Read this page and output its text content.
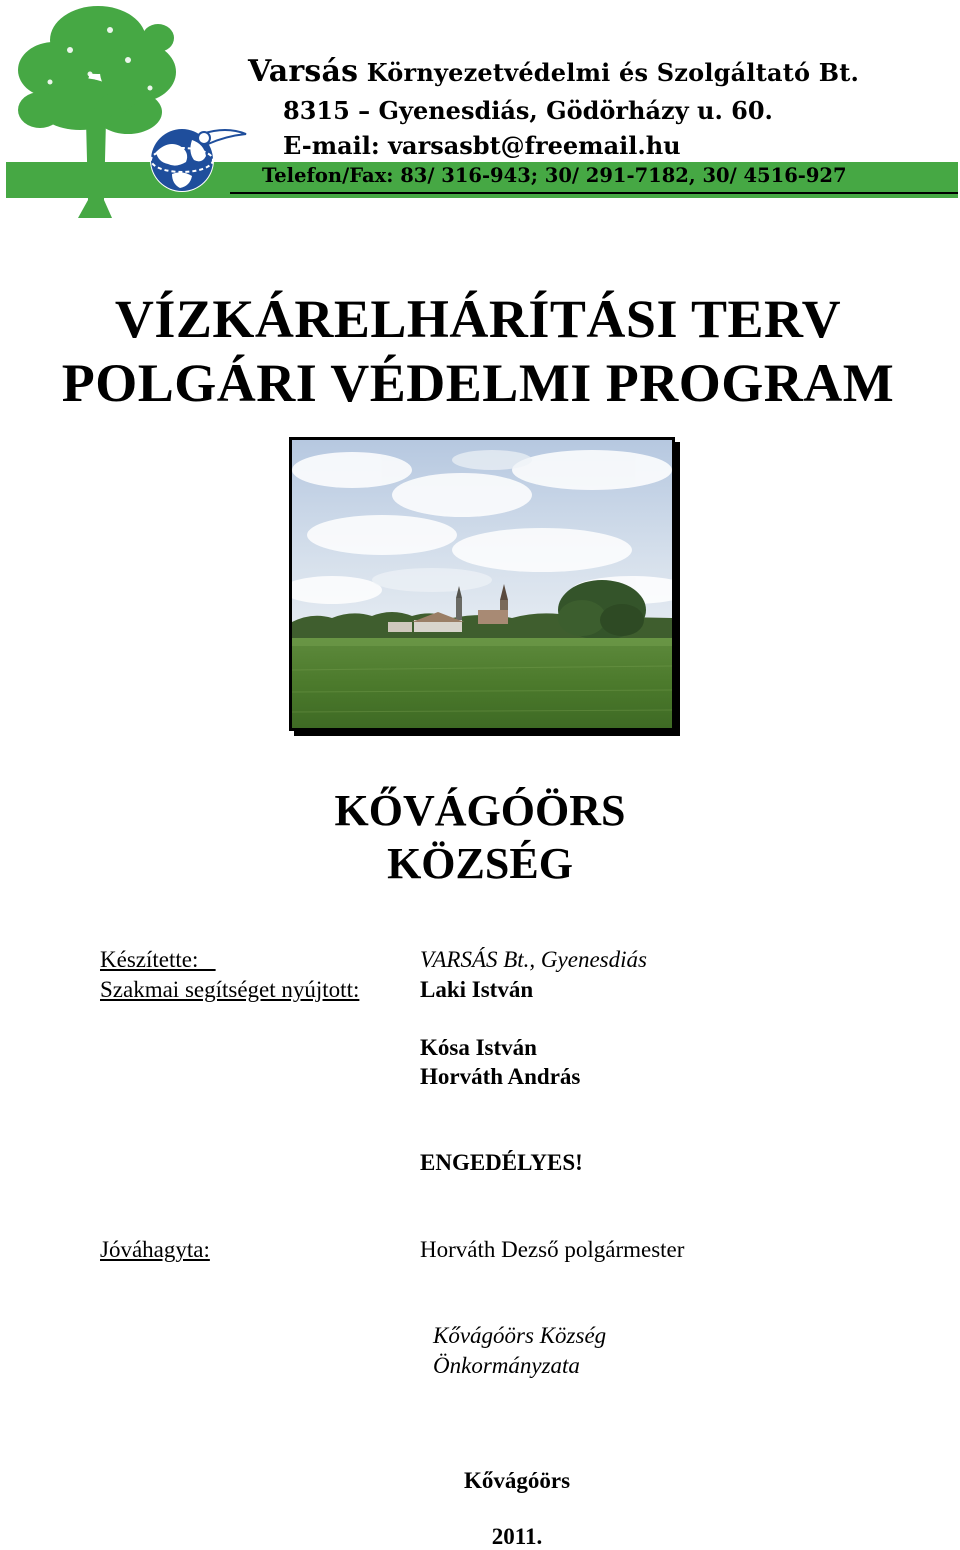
Varsás Környezetvédelmi és Szolgáltató Bt.

8315 – Gyenesdiás, Gödörházy u. 60.

E-mail: varsasbt@freemail.hu

Telefon/Fax: 83/ 316-943; 30/ 291-7182, 30/ 4516-927

VÍZKÁRELHÁRÍTÁSI TERV
POLGÁRI VÉDELMI PROGRAM
KŐVÁGÓÖRS
KÖZSÉG

Készítette:	VARSÁS Bt., Gyenesdiás

Szakmai segítséget nyújtott:	Laki István

Kósa István

Horváth András

ENGEDÉLYES!

Jóváhagyta:	Horváth Dezső polgármester

Kővágóörs Község

Önkormányzata

Kővágóörs

2011.
